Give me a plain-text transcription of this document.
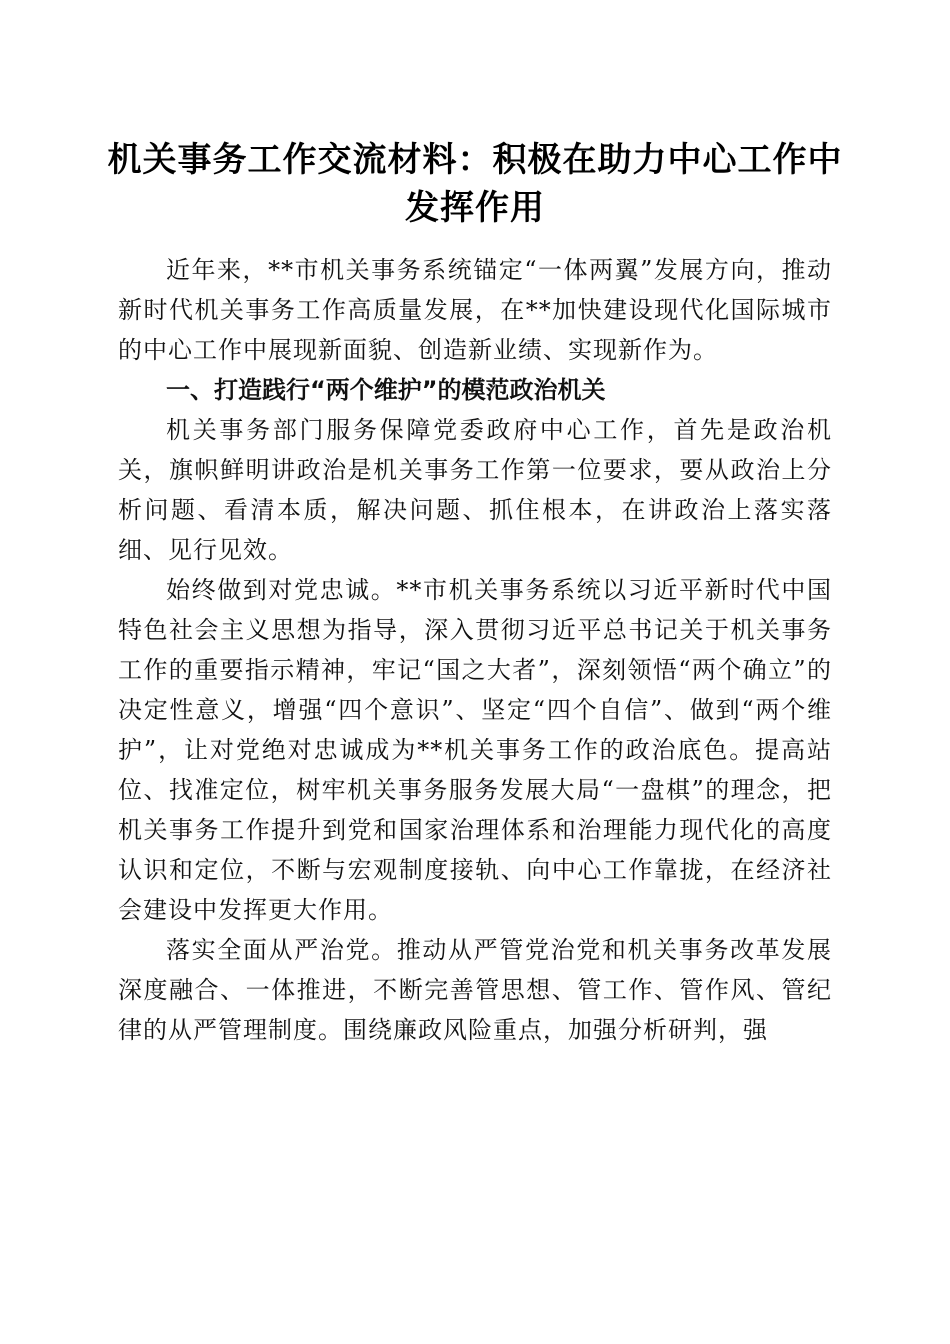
机关事务工作交流材料：积极在助力中心工作中发挥作用

近年来，**市机关事务系统锚定“一体两翼”发展方向，推动新时代机关事务工作高质量发展，在**加快建设现代化国际城市的中心工作中展现新面貌、创造新业绩、实现新作为。

一、打造践行“两个维护”的模范政治机关

机关事务部门服务保障党委政府中心工作，首先是政治机关，旗帜鲜明讲政治是机关事务工作第一位要求，要从政治上分析问题、看清本质，解决问题、抓住根本，在讲政治上落实落细、见行见效。

始终做到对党忠诚。**市机关事务系统以习近平新时代中国特色社会主义思想为指导，深入贯彻习近平总书记关于机关事务工作的重要指示精神，牢记“国之大者”，深刻领悟“两个确立”的决定性意义，增强“四个意识”、坚定“四个自信”、做到“两个维护”，让对党绝对忠诚成为**机关事务工作的政治底色。提高站位、找准定位，树牢机关事务服务发展大局“一盘棋”的理念，把机关事务工作提升到党和国家治理体系和治理能力现代化的高度认识和定位，不断与宏观制度接轨、向中心工作靠拢，在经济社会建设中发挥更大作用。

落实全面从严治党。推动从严管党治党和机关事务改革发展深度融合、一体推进，不断完善管思想、管工作、管作风、管纪律的从严管理制度。围绕廉政风险重点，加强分析研判，强
